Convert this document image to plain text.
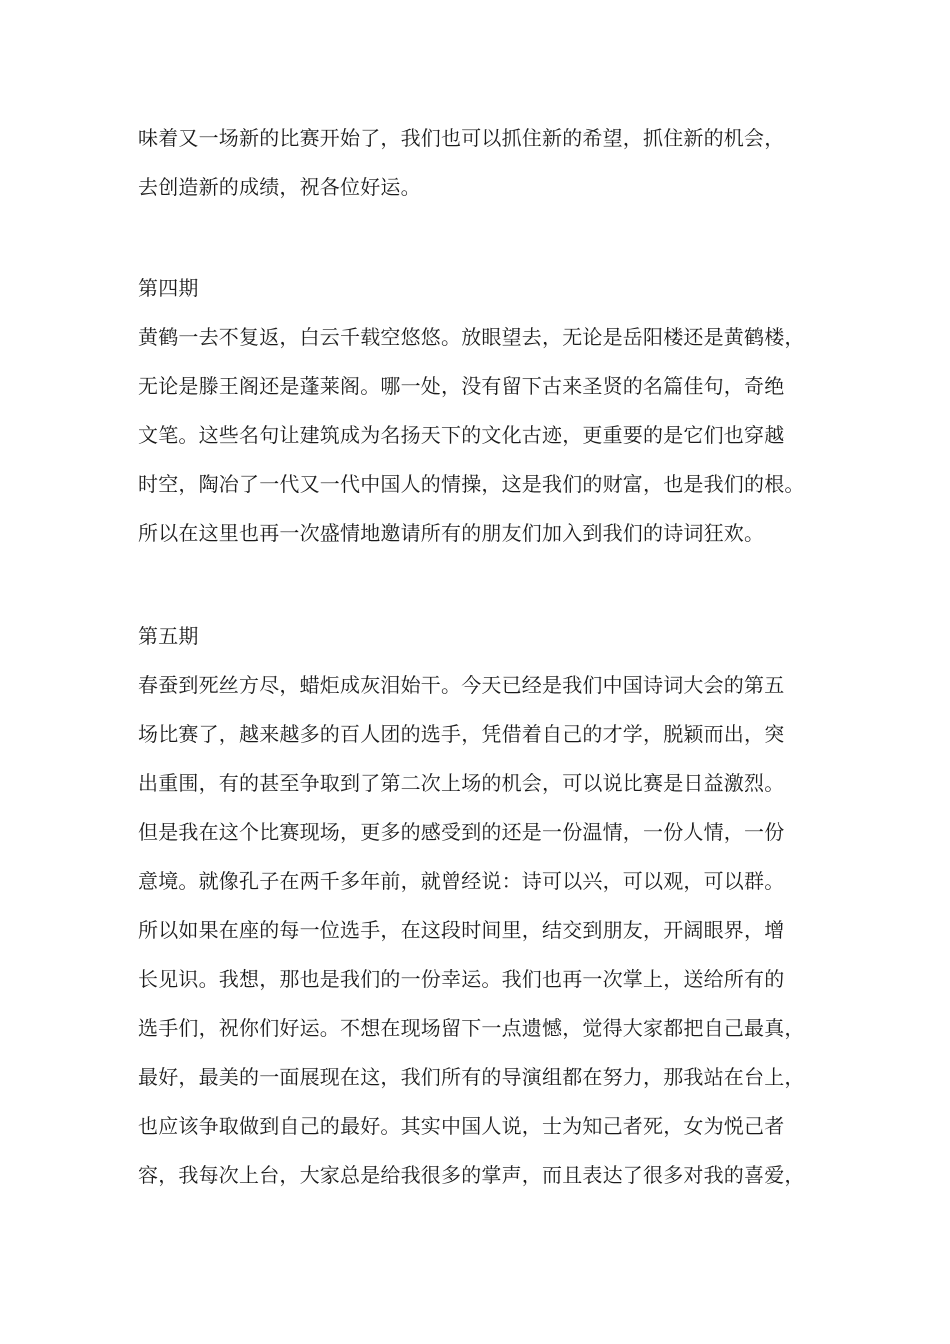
味着又一场新的比赛开始了，我们也可以抓住新的希望，抓住新的机会，
去创造新的成绩，祝各位好运。
第四期
黄鹤一去不复返，白云千载空悠悠。放眼望去，无论是岳阳楼还是黄鹤楼，
无论是滕王阁还是蓬莱阁。哪一处，没有留下古来圣贤的名篇佳句，奇绝
文笔。这些名句让建筑成为名扬天下的文化古迹，更重要的是它们也穿越
时空，陶冶了一代又一代中国人的情操，这是我们的财富，也是我们的根。
所以在这里也再一次盛情地邀请所有的朋友们加入到我们的诗词狂欢。
第五期
春蚕到死丝方尽，蜡炬成灰泪始干。今天已经是我们中国诗词大会的第五
场比赛了，越来越多的百人团的选手，凭借着自己的才学，脱颖而出，突
出重围，有的甚至争取到了第二次上场的机会，可以说比赛是日益激烈。
但是我在这个比赛现场，更多的感受到的还是一份温情，一份人情，一份
意境。就像孔子在两千多年前，就曾经说：诗可以兴，可以观，可以群。
所以如果在座的每一位选手，在这段时间里，结交到朋友，开阔眼界，增
长见识。我想，那也是我们的一份幸运。我们也再一次掌上，送给所有的
选手们，祝你们好运。不想在现场留下一点遗憾，觉得大家都把自己最真，
最好，最美的一面展现在这，我们所有的导演组都在努力，那我站在台上，
也应该争取做到自己的最好。其实中国人说，士为知己者死，女为悦己者
容，我每次上台，大家总是给我很多的掌声，而且表达了很多对我的喜爱，
